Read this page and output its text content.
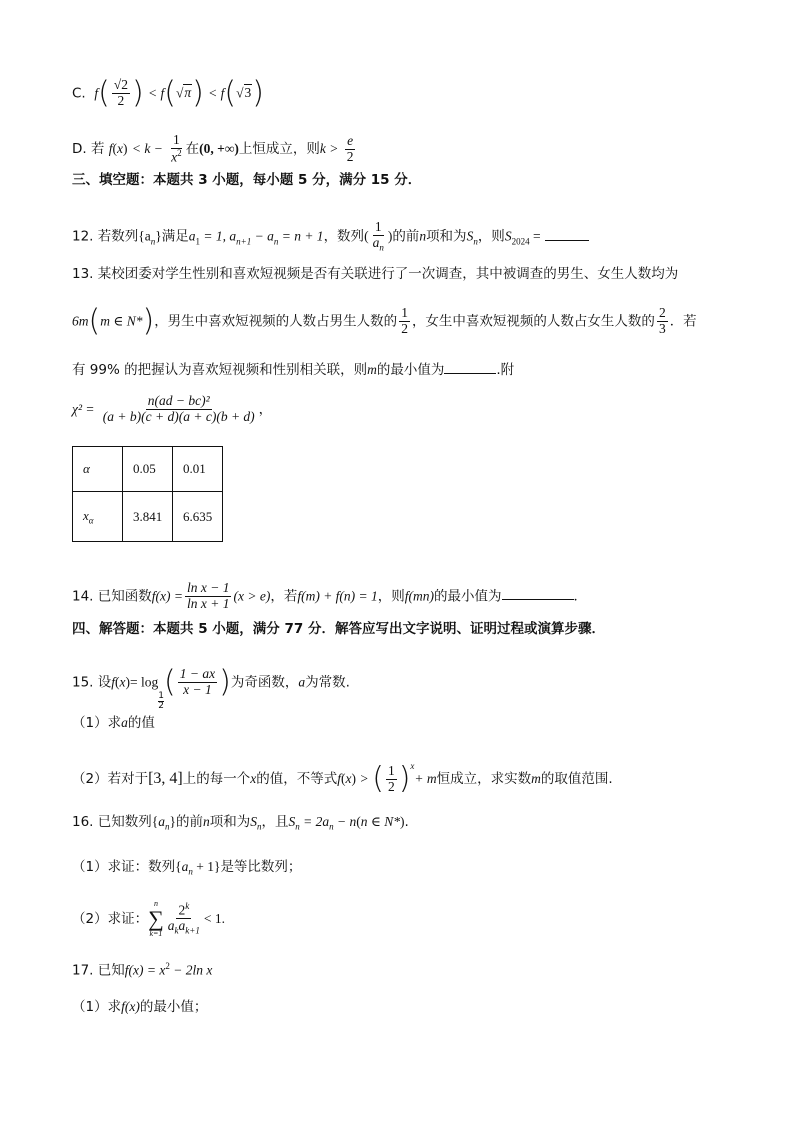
C. $f( \frac{√2}{2}$ ) < f(√π) < f(√3)
D. 若 $f(x) < k - \frac{1}{x^2}$ 在(0, +∞)上恒成立，则$k > \frac{e}{2}$
三、填空题：本题共 3 小题，每小题 5 分，满分 15 分．
12. 若数列$\{a_n\}$满足$a_1 = 1$, $a_{n+1} - a_n = n + 1$，数列( $\frac{1}{a_n}$ )的前n项和为$S_n$，则$S_{2024}$ =
13. 某校团委对学生性别和喜欢短视频是否有关联进行了一次调查，其中被调查的男生、女生人数均为
6m(m ∈ N*)，男生中喜欢短视频的人数占男生人数的 $\frac{1}{2}$ ，女生中喜欢短视频的人数占女生人数的 $\frac{2}{3}$ ．若
有 99% 的把握认为喜欢短视频和性别相关联，则m的最小值为	.附
$\chi^2 = \frac{\text{n(ad − bc)²}}{(a + b)(c + d)(a + c)(b + d)}$ ，
α	0.05	0.01
$x_\alpha$	3.841	6.635
14. 已知函数$f(x) = \frac{\text{ln x − 1}}{\text{ln x + 1}} (x > e)$，若f(m) + f(n) = 1，则f(mn)的最小值为	．
四、解答题：本题共 5 小题，满分 77 分．解答应写出文字说明、证明过程或演算步骤．
15. 设f(x)= log
$\frac{1}{2}$
( $\frac{1 - ax}{x - 1}$ )为奇函数，a为常数.
（1）求a的值
（2）若对于[3, 4]上的每一个x的值，不等式f(x) > ( $\frac{1}{2} )^x+ m$恒成立，求实数m的取值范围.
16. 已知数列$\{a_n\}$的前n项和为$S_n$，且$S_n = 2a_n - n(n$ ∈ N*).
（1）求证：数列$\{a_n + 1\}$是等比数列；
（2）求证：
n
∑
$k=1 \frac{2^k}{a_ka_{k+1}} < 1$.
17. 已知$f(x) = x^2 - 2\ln$ x
（1）求f(x)的最小值；
